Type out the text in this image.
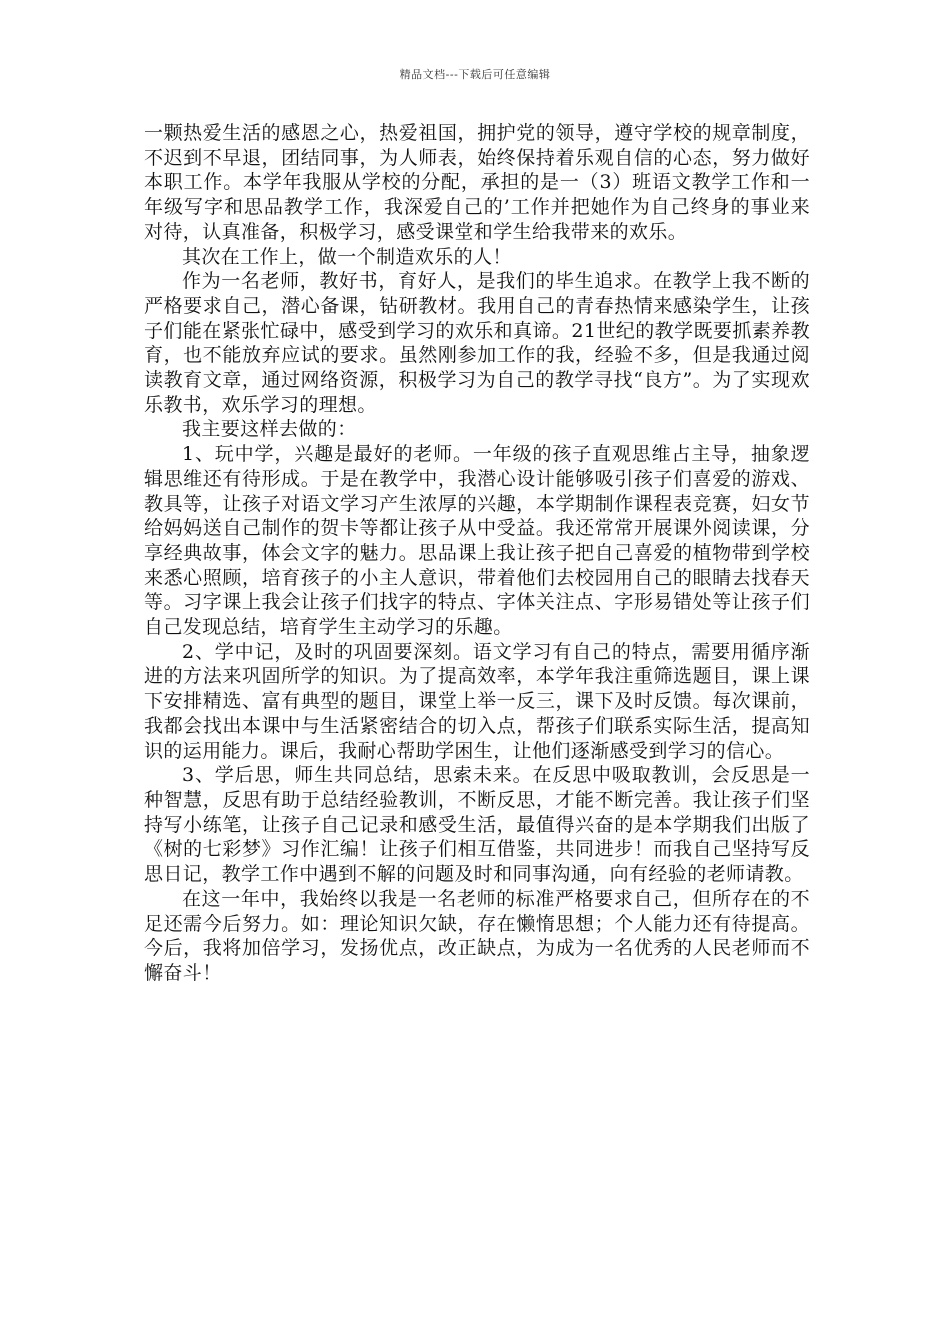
精品文档---下载后可任意编辑

一颗热爱生活的感恩之心，热爱祖国，拥护党的领导，遵守学校的规章制度，不迟到不早退，团结同事，为人师表，始终保持着乐观自信的心态，努力做好本职工作。本学年我服从学校的分配，承担的是一（3）班语文教学工作和一年级写字和思品教学工作，我深爱自己的’工作并把她作为自己终身的事业来对待，认真准备，积极学习，感受课堂和学生给我带来的欢乐。

其次在工作上，做一个制造欢乐的人！

作为一名老师，教好书，育好人，是我们的毕生追求。在教学上我不断的严格要求自己，潜心备课，钻研教材。我用自己的青春热情来感染学生，让孩子们能在紧张忙碌中，感受到学习的欢乐和真谛。21世纪的教学既要抓素养教育，也不能放弃应试的要求。虽然刚参加工作的我，经验不多，但是我通过阅读教育文章，通过网络资源，积极学习为自己的教学寻找“良方”。为了实现欢乐教书，欢乐学习的理想。

我主要这样去做的：

1、玩中学，兴趣是最好的老师。一年级的孩子直观思维占主导，抽象逻辑思维还有待形成。于是在教学中，我潜心设计能够吸引孩子们喜爱的游戏、教具等，让孩子对语文学习产生浓厚的兴趣，本学期制作课程表竞赛，妇女节给妈妈送自己制作的贺卡等都让孩子从中受益。我还常常开展课外阅读课，分享经典故事，体会文字的魅力。思品课上我让孩子把自己喜爱的植物带到学校来悉心照顾，培育孩子的小主人意识，带着他们去校园用自己的眼睛去找春天等。习字课上我会让孩子们找字的特点、字体关注点、字形易错处等让孩子们自己发现总结，培育学生主动学习的乐趣。

2、学中记，及时的巩固要深刻。语文学习有自己的特点，需要用循序渐进的方法来巩固所学的知识。为了提高效率，本学年我注重筛选题目，课上课下安排精选、富有典型的题目，课堂上举一反三，课下及时反馈。每次课前，我都会找出本课中与生活紧密结合的切入点，帮孩子们联系实际生活，提高知识的运用能力。课后，我耐心帮助学困生，让他们逐渐感受到学习的信心。

3、学后思，师生共同总结，思索未来。在反思中吸取教训，会反思是一种智慧，反思有助于总结经验教训，不断反思，才能不断完善。我让孩子们坚持写小练笔，让孩子自己记录和感受生活，最值得兴奋的是本学期我们出版了《树的七彩梦》习作汇编！让孩子们相互借鉴，共同进步！而我自己坚持写反思日记，教学工作中遇到不解的问题及时和同事沟通，向有经验的老师请教。

在这一年中，我始终以我是一名老师的标准严格要求自己，但所存在的不足还需今后努力。如：理论知识欠缺，存在懒惰思想；个人能力还有待提高。今后，我将加倍学习，发扬优点，改正缺点，为成为一名优秀的人民老师而不懈奋斗！
